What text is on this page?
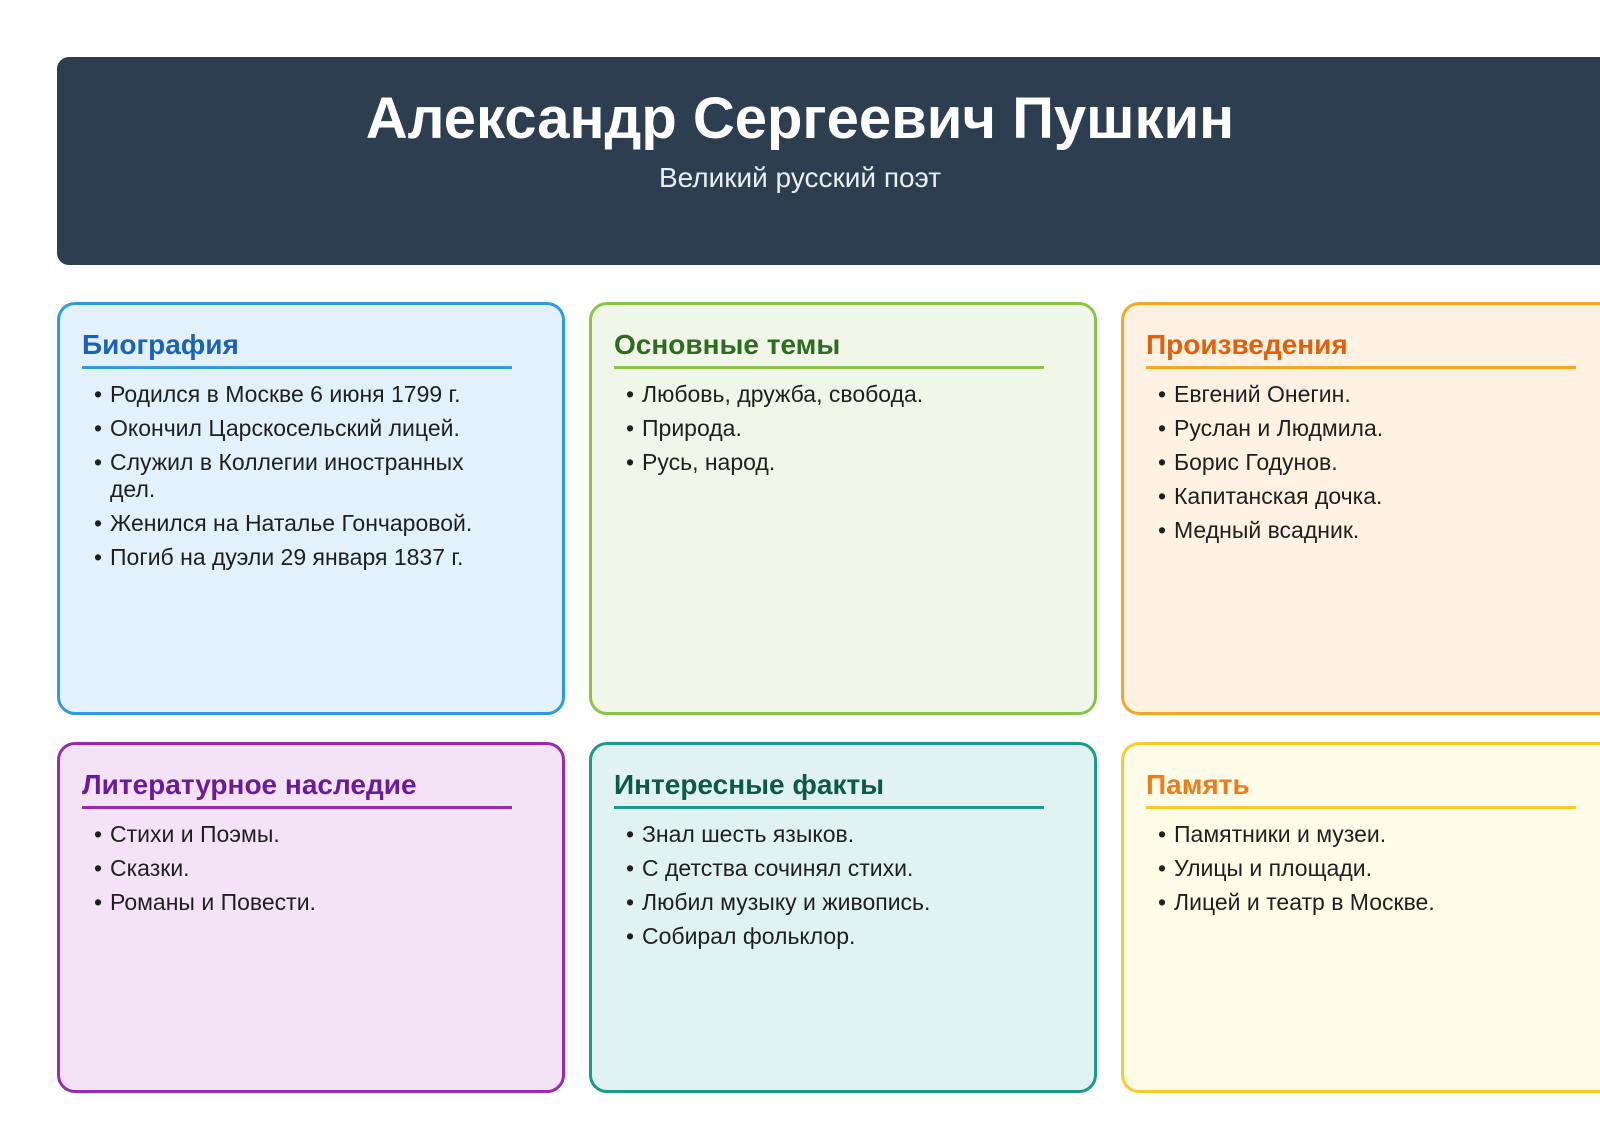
Александр Сергеевич Пушкин
Великий русский поэт
Биография
• Родился в Москве 6 июня 1799 г.
• Окончил Царскосельский лицей.
• Служил в Коллегии иностранных дел.
• Женился на Наталье Гончаровой.
• Погиб на дуэли 29 января 1837 г.
Основные темы
• Любовь, дружба, свобода.
• Природа.
• Русь, народ.
Произведения
• Евгений Онегин.
• Руслан и Людмила.
• Борис Годунов.
• Капитанская дочка.
• Медный всадник.
Литературное наследие
• Стихи и Поэмы.
• Сказки.
• Романы и Повести.
Интересные факты
• Знал шесть языков.
• С детства сочинял стихи.
• Любил музыку и живопись.
• Собирал фольклор.
Память
• Памятники и музеи.
• Улицы и площади.
• Лицей и театр в Москве.
